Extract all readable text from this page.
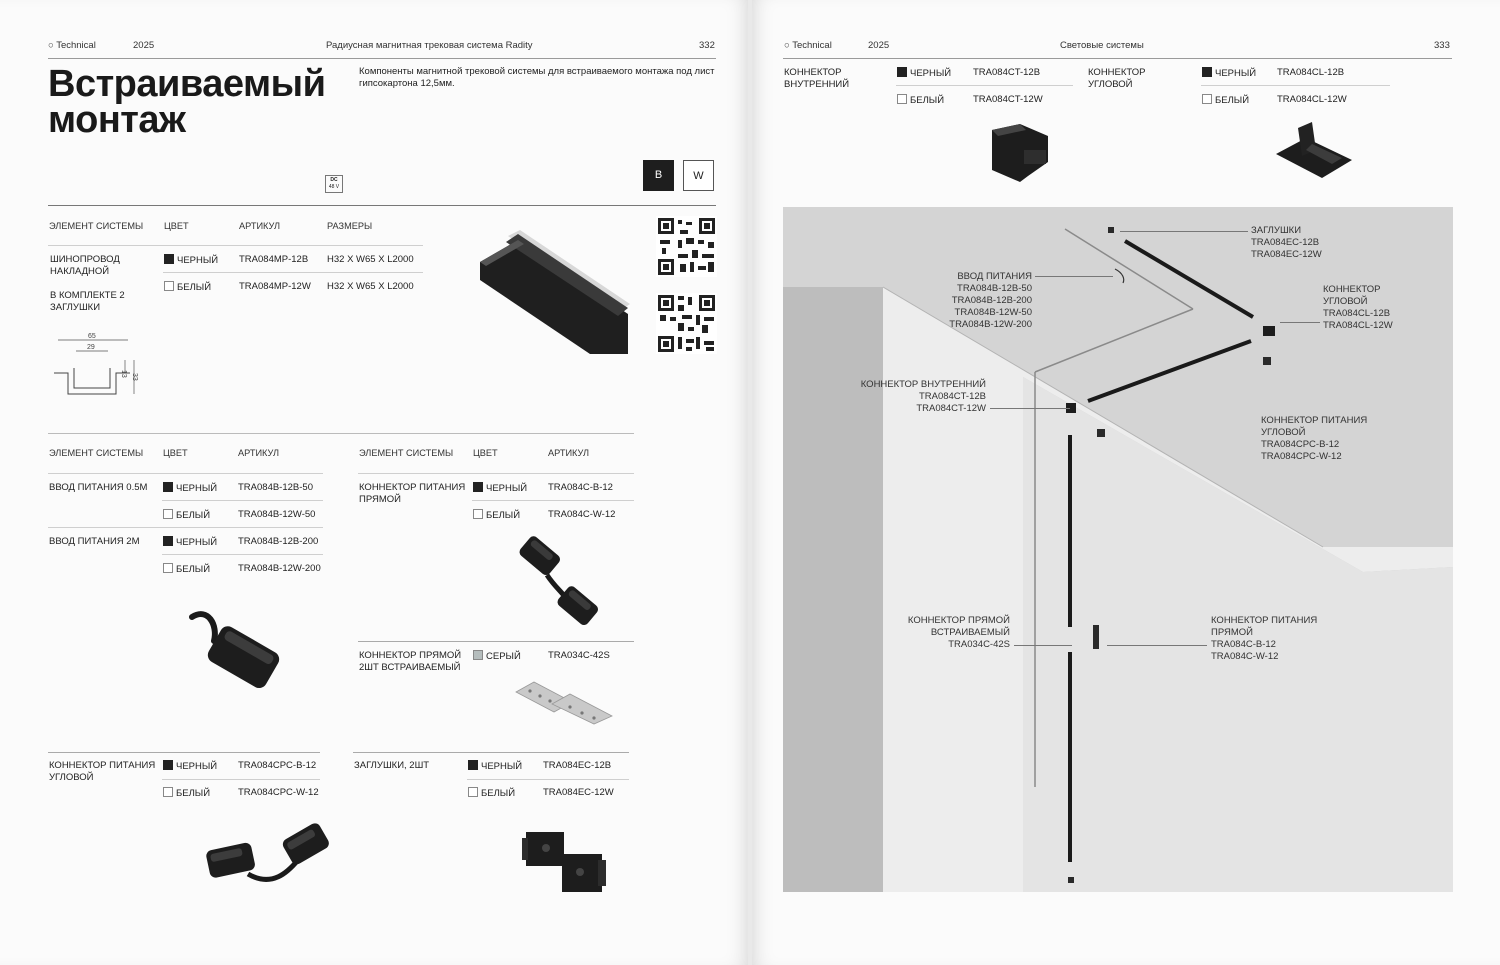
○ Technical	2025	Радиусная магнитная трековая система Radity	332
Встраиваемый
монтаж
Компоненты магнитной трековой системы для встраиваемого монтажа под лист гипсокартона 12,5мм.
DC
48 V
B	W
ЭЛЕМЕНТ СИСТЕМЫ ЦВЕТ	АРТИКУЛ	РАЗМЕРЫ
ШИНОПРОВОД НАКЛАДНОЙ
В КОМПЛЕКТЕ 2 ЗАГЛУШКИ
ЧЕРНЫЙ TRA084MP-12B H32 X W65 X L2000
БЕЛЫЙ	TRA084MP-12W H32 X W65 X L2000
65
29
13 33
ЭЛЕМЕНТ СИСТЕМЫ ЦВЕТ	АРТИКУЛ
ВВОД ПИТАНИЯ 0.5М	ЧЕРНЫЙ TRA084B-12B-50
БЕЛЫЙ	TRA084B-12W-50
ВВОД ПИТАНИЯ 2М	ЧЕРНЫЙ TRA084B-12B-200
БЕЛЫЙ	TRA084B-12W-200
ЭЛЕМЕНТ СИСТЕМЫ ЦВЕТ	АРТИКУЛ
КОННЕКТОР ПИТАНИЯ ПРЯМОЙ
ЧЕРНЫЙ TRA084C-B-12
БЕЛЫЙ	TRA084C-W-12
КОННЕКТОР ПРЯМОЙ 2ШТ ВСТРАИВАЕМЫЙ
СЕРЫЙ	TRA034C-42S
КОННЕКТОР ПИТАНИЯ УГЛОВОЙ
ЧЕРНЫЙ TRA084CPC-B-12
БЕЛЫЙ	TRA084CPC-W-12
ЗАГЛУШКИ, 2ШТ	ЧЕРНЫЙ TRA084EC-12B
БЕЛЫЙ	TRA084EC-12W
○ Technical	2025	Световые системы	333
КОННЕКТОР ВНУТРЕННИЙ
ЧЕРНЫЙ TRA084CT-12B
БЕЛЫЙ	TRA084CT-12W
КОННЕКТОР УГЛОВОЙ
ЧЕРНЫЙ TRA084CL-12B
БЕЛЫЙ	TRA084CL-12W
ЗАГЛУШКИ
TRA084EC-12B
TRA084EC-12W
ВВОД ПИТАНИЯ
TRA084B-12B-50
TRA084B-12B-200
TRA084B-12W-50
TRA084B-12W-200
КОННЕКТОР
УГЛОВОЙ
TRA084CL-12B
TRA084CL-12W
КОННЕКТОР ВНУТРЕННИЙ
TRA084CT-12B
TRA084CT-12W
КОННЕКТОР ПИТАНИЯ
УГЛОВОЙ
TRA084CPC-B-12
TRA084CPC-W-12
КОННЕКТОР ПРЯМОЙ
ВСТРАИВАЕМЫЙ
TRA034C-42S
КОННЕКТОР ПИТАНИЯ
ПРЯМОЙ
TRA084C-B-12
TRA084C-W-12
